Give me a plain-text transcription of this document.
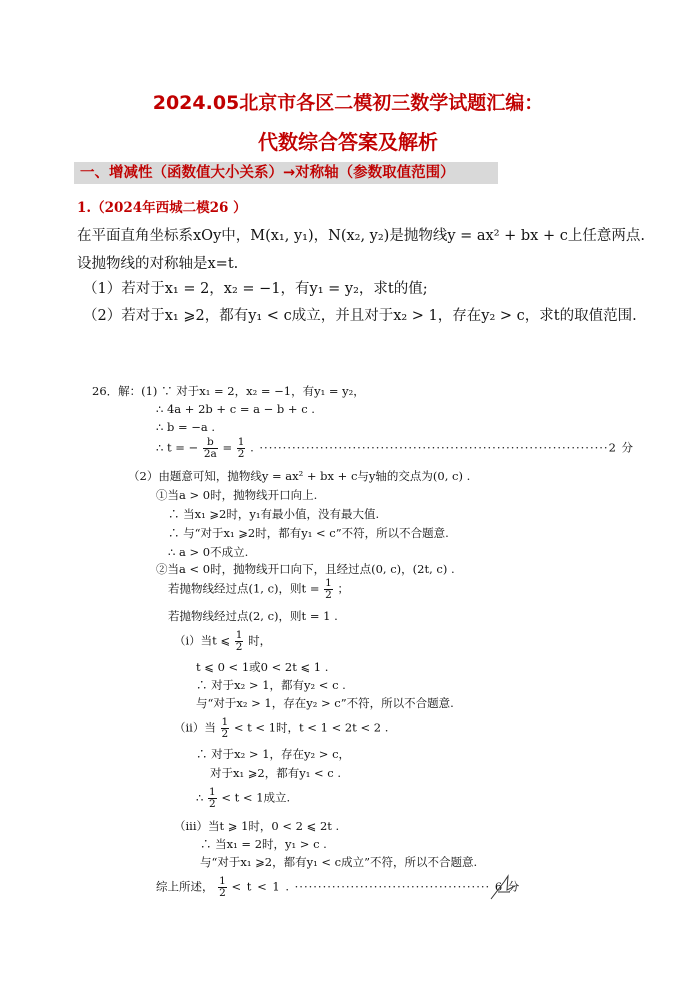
2024.05北京市各区二模初三数学试题汇编：
代数综合答案及解析
一、增减性（函数值大小关系）→对称轴（参数取值范围）
1.（2024年西城二模26 ）
在平面直角坐标系xOy中，M(x₁, y₁)，N(x₂, y₂)是抛物线y = ax² + bx + c上任意两点.
设抛物线的对称轴是x=t.
（1）若对于x₁ = 2，x₂ = −1，有y₁ = y₂，求t的值;
（2）若对于x₁ ⩾2，都有y₁ < c成立，并且对于x₂ > 1，存在y₂ > c，求t的取值范围.
26．解：(1) ∵ 对于x₁ = 2，x₂ = −1，有y₁ = y₂，
∴ 4a + 2b + c = a − b + c .
∴ b = −a .
∴ t = − $\frac{b}{2a} = \frac{1}{2}$ . ···········································································2 分
（2）由题意可知，抛物线y = ax² + bx + c与y轴的交点为(0, c) .
①当a > 0时，抛物线开口向上.
∴ 当x₁ ⩾2时，y₁有最小值，没有最大值.
∴ 与“对于x₁ ⩾2时，都有y₁ < c”不符，所以不合题意.
∴ a > 0不成立.
②当a < 0时，抛物线开口向下，且经过点(0, c)，(2t, c) .
若抛物线经过点(1, c)，则$t = \frac{1}{2}$ ；
若抛物线经过点(2, c)，则t = 1 .
（i）当t ⩽ $\frac{1}{2}$ 时，
t ⩽ 0 < 1或0 < 2t ⩽ 1 .
∴ 对于x₂ > 1，都有y₂ < c .
与“对于x₂ > 1，存在y₂ > c”不符，所以不合题意.
（ii）当 $\frac{1}{2} < t < 1$时，t < 1 < 2t < 2 .
∴ 对于x₂ > 1，存在y₂ > c，
对于x₁ ⩾2，都有y₁ < c .
∴ $\frac{1}{2} < t < 1$成立.
（iii）当t ⩾ 1时，0 < 2 ⩽ 2t .
∴ 当x₁ = 2时，y₁ > c .
与“对于x₁ ⩾2，都有y₁ < c成立”不符，所以不合题意.
综上所述， $\frac{1}{2} < t < 1$ . ·········································· 6 分
